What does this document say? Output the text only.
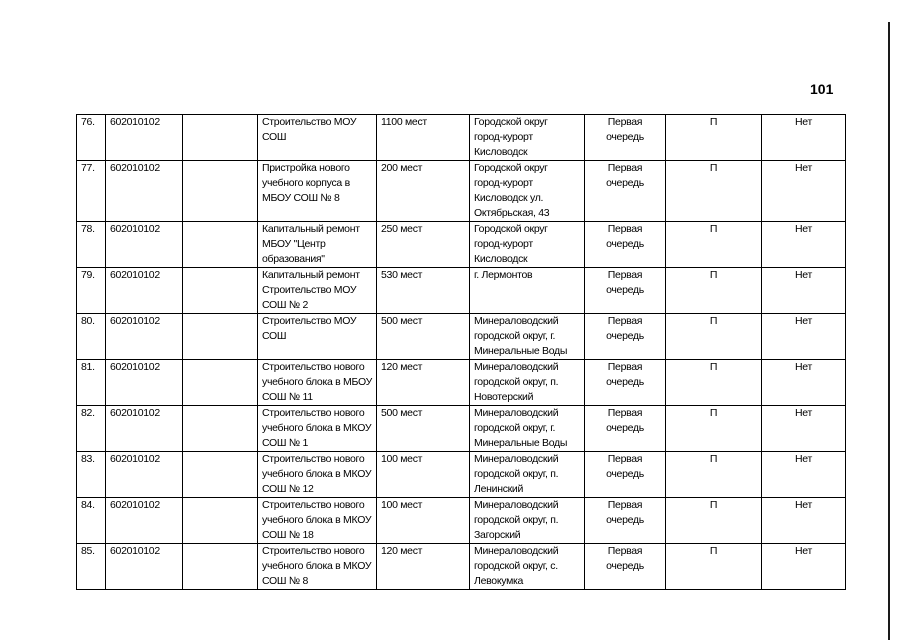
101
76.	602010102		Строительство МОУ
СОШ	1100 мест	Городской округ
город-курорт
Кисловодск	Первая
очередь	П	Нет
77.	602010102		Пристройка нового
учебного корпуса в
МБОУ СОШ № 8	200 мест	Городской округ
город-курорт
Кисловодск ул.
Октябрьская, 43	Первая
очередь	П	Нет
78.	602010102		Капитальный ремонт
МБОУ "Центр
образования"	250 мест	Городской округ
город-курорт
Кисловодск	Первая
очередь	П	Нет
79.	602010102		Капитальный ремонт
Строительство МОУ
СОШ № 2	530 мест	г. Лермонтов	Первая
очередь	П	Нет
80.	602010102		Строительство МОУ
СОШ	500 мест	Минераловодский
городской округ, г.
Минеральные Воды	Первая
очередь	П	Нет
81.	602010102		Строительство нового
учебного блока в МБОУ
СОШ № 11	120 мест	Минераловодский
городской округ, п.
Новотерский	Первая
очередь	П	Нет
82.	602010102		Строительство нового
учебного блока в МКОУ
СОШ № 1	500 мест	Минераловодский
городской округ, г.
Минеральные Воды	Первая
очередь	П	Нет
83.	602010102		Строительство нового
учебного блока в МКОУ
СОШ № 12	100 мест	Минераловодский
городской округ, п.
Ленинский	Первая
очередь	П	Нет
84.	602010102		Строительство нового
учебного блока в МКОУ
СОШ № 18	100 мест	Минераловодский
городской округ, п.
Загорский	Первая
очередь	П	Нет
85.	602010102		Строительство нового
учебного блока в МКОУ
СОШ № 8	120 мест	Минераловодский
городской округ, с.
Левокумка	Первая
очередь	П	Нет
